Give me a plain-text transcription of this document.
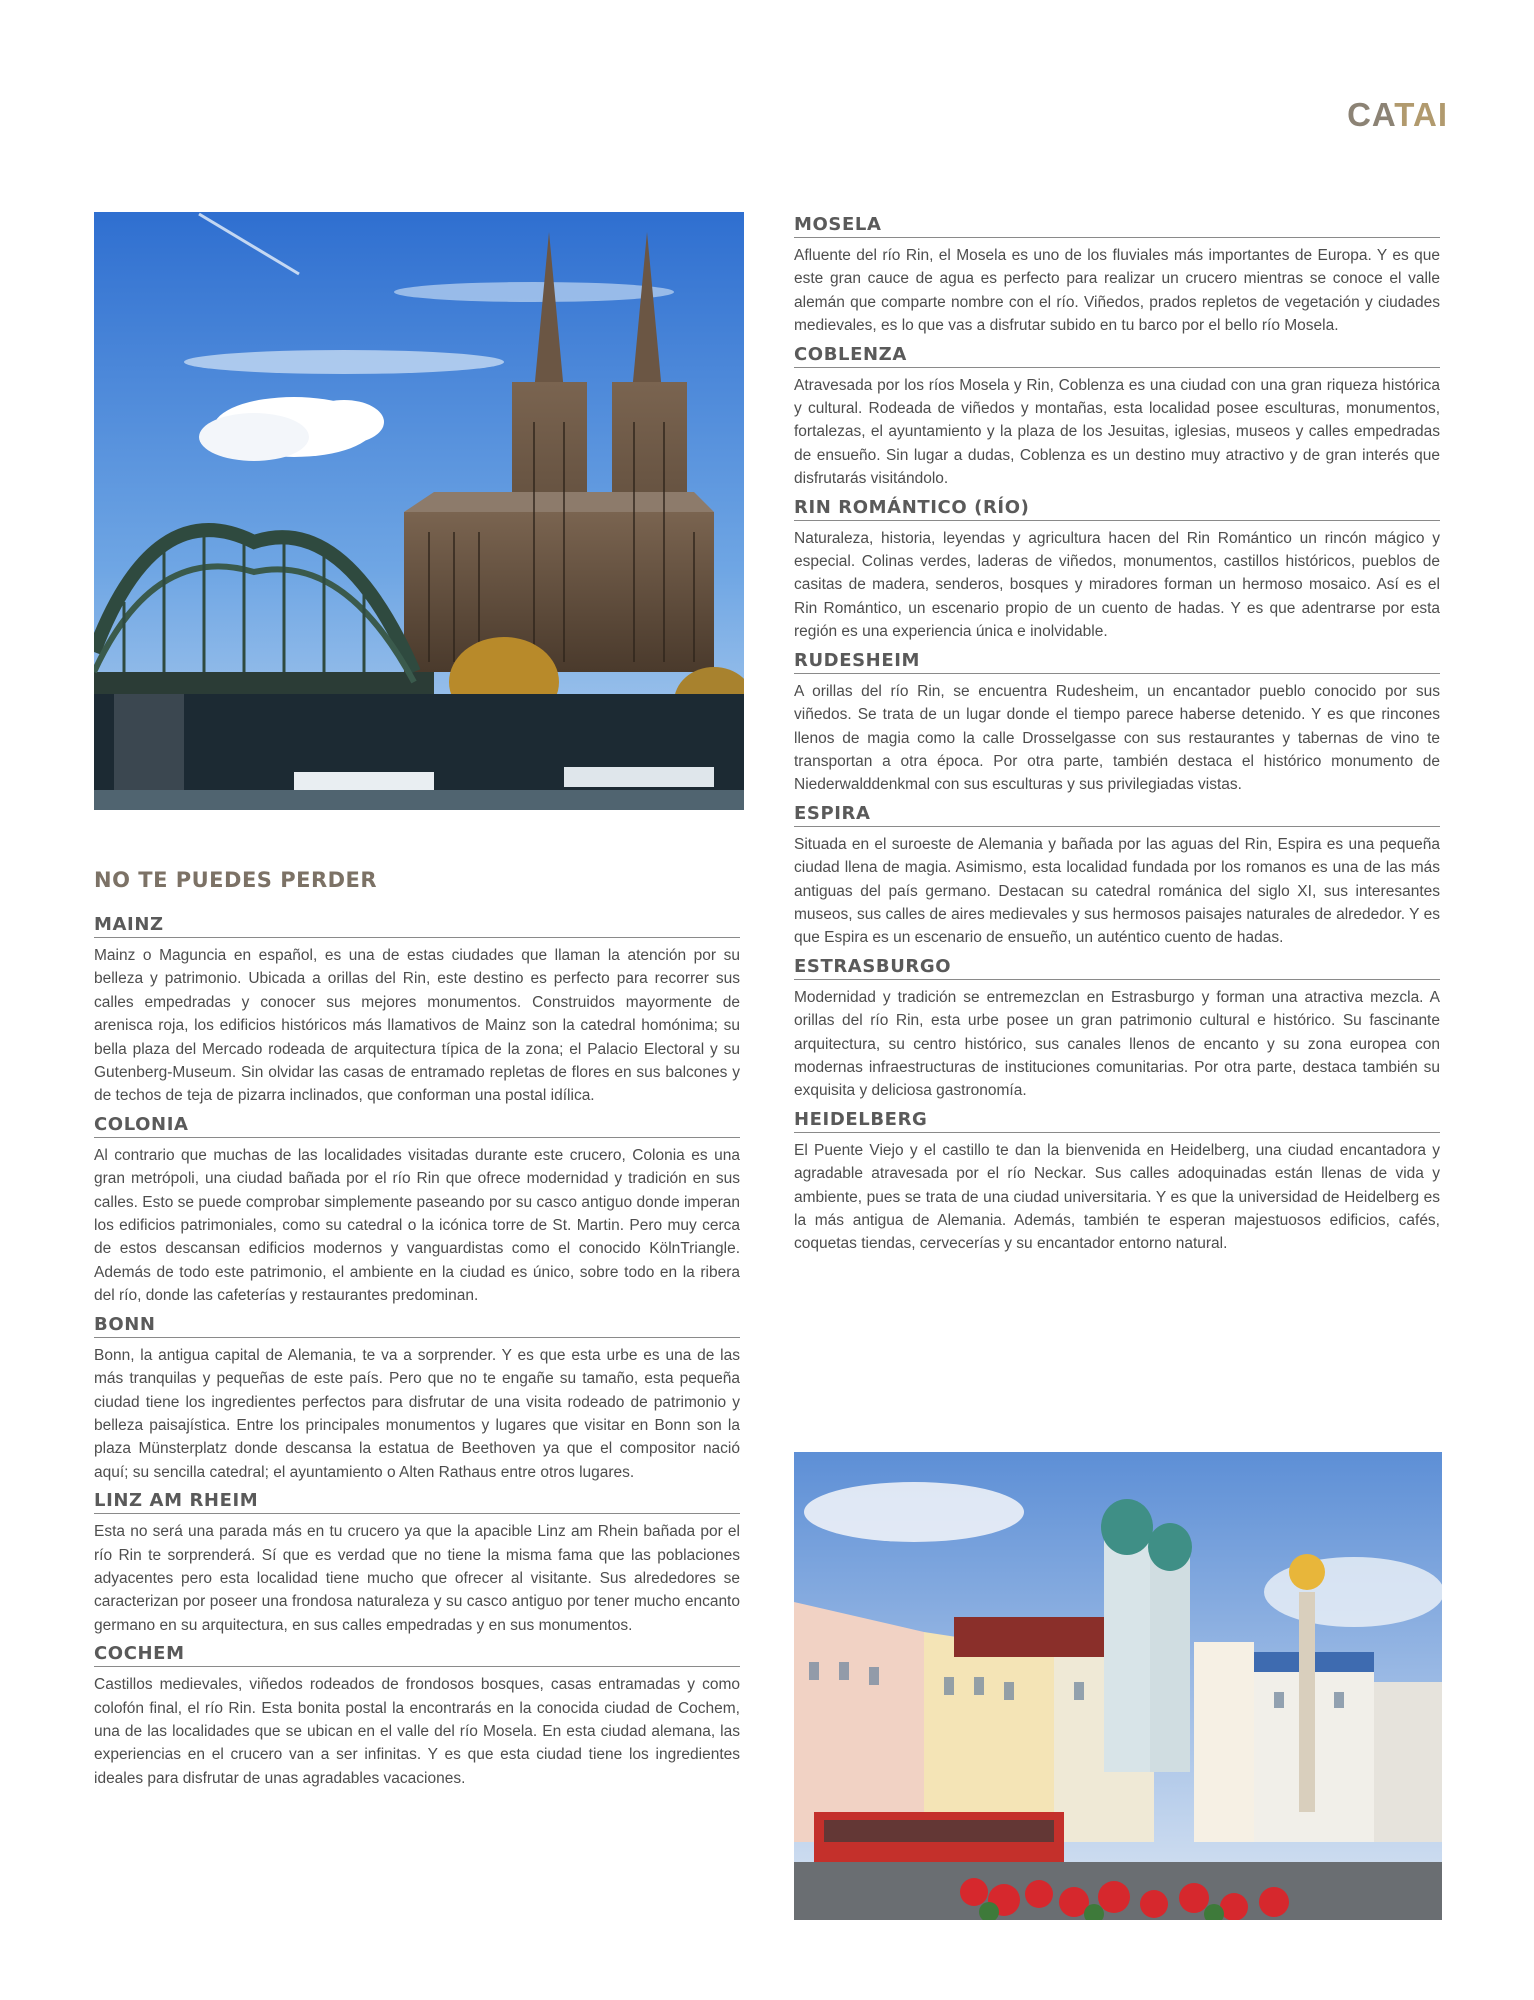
CATAI
NO TE PUEDES PERDER
MAINZ

Mainz o Maguncia en español, es una de estas ciudades que llaman la atención por su belleza y patrimonio. Ubicada a orillas del Rin, este destino es perfecto para recorrer sus calles empedradas y conocer sus mejores monumentos. Construidos mayormente de arenisca roja, los edificios históricos más llamativos de Mainz son la catedral homónima; su bella plaza del Mercado rodeada de arquitectura típica de la zona; el Palacio Electoral y su Gutenberg-Museum. Sin olvidar las casas de entramado repletas de flores en sus balcones y de techos de teja de pizarra inclinados, que conforman una postal idílica.

COLONIA

Al contrario que muchas de las localidades visitadas durante este crucero, Colonia es una gran metrópoli, una ciudad bañada por el río Rin que ofrece modernidad y tradición en sus calles. Esto se puede comprobar simplemente paseando por su casco antiguo donde imperan los edificios patrimoniales, como su catedral o la icónica torre de St. Martin. Pero muy cerca de estos descansan edificios modernos y vanguardistas como el conocido KölnTriangle. Además de todo este patrimonio, el ambiente en la ciudad es único, sobre todo en la ribera del río, donde las cafeterías y restaurantes predominan.

BONN

Bonn, la antigua capital de Alemania, te va a sorprender. Y es que esta urbe es una de las más tranquilas y pequeñas de este país. Pero que no te engañe su tamaño, esta pequeña ciudad tiene los ingredientes perfectos para disfrutar de una visita rodeado de patrimonio y belleza paisajística. Entre los principales monumentos y lugares que visitar en Bonn son la plaza Münsterplatz donde descansa la estatua de Beethoven ya que el compositor nació aquí; su sencilla catedral; el ayuntamiento o Alten Rathaus entre otros lugares.

LINZ AM RHEIM

Esta no será una parada más en tu crucero ya que la apacible Linz am Rhein bañada por el río Rin te sorprenderá. Sí que es verdad que no tiene la misma fama que las poblaciones adyacentes pero esta localidad tiene mucho que ofrecer al visitante. Sus alrededores se caracterizan por poseer una frondosa naturaleza y su casco antiguo por tener mucho encanto germano en su arquitectura, en sus calles empedradas y en sus monumentos.

COCHEM

Castillos medievales, viñedos rodeados de frondosos bosques, casas entramadas y como colofón final, el río Rin. Esta bonita postal la encontrarás en la conocida ciudad de Cochem, una de las localidades que se ubican en el valle del río Mosela. En esta ciudad alemana, las experiencias en el crucero van a ser infinitas. Y es que esta ciudad tiene los ingredientes ideales para disfrutar de unas agradables vacaciones.

MOSELA

Afluente del río Rin, el Mosela es uno de los fluviales más importantes de Europa. Y es que este gran cauce de agua es perfecto para realizar un crucero mientras se conoce el valle alemán que comparte nombre con el río. Viñedos, prados repletos de vegetación y ciudades medievales, es lo que vas a disfrutar subido en tu barco por el bello río Mosela.

COBLENZA

Atravesada por los ríos Mosela y Rin, Coblenza es una ciudad con una gran riqueza histórica y cultural. Rodeada de viñedos y montañas, esta localidad posee esculturas, monumentos, fortalezas, el ayuntamiento y la plaza de los Jesuitas, iglesias, museos y calles empedradas de ensueño. Sin lugar a dudas, Coblenza es un destino muy atractivo y de gran interés que disfrutarás visitándolo.

RIN ROMÁNTICO (RÍO)

Naturaleza, historia, leyendas y agricultura hacen del Rin Romántico un rincón mágico y especial. Colinas verdes, laderas de viñedos, monumentos, castillos históricos, pueblos de casitas de madera, senderos, bosques y miradores forman un hermoso mosaico. Así es el Rin Romántico, un escenario propio de un cuento de hadas. Y es que adentrarse por esta región es una experiencia única e inolvidable.

RUDESHEIM

A orillas del río Rin, se encuentra Rudesheim, un encantador pueblo conocido por sus viñedos. Se trata de un lugar donde el tiempo parece haberse detenido. Y es que rincones llenos de magia como la calle Drosselgasse con sus restaurantes y tabernas de vino te transportan a otra época. Por otra parte, también destaca el histórico monumento de Niederwalddenkmal con sus esculturas y sus privilegiadas vistas.

ESPIRA

Situada en el suroeste de Alemania y bañada por las aguas del Rin, Espira es una pequeña ciudad llena de magia. Asimismo, esta localidad fundada por los romanos es una de las más antiguas del país germano. Destacan su catedral románica del siglo XI, sus interesantes museos, sus calles de aires medievales y sus hermosos paisajes naturales de alrededor. Y es que Espira es un escenario de ensueño, un auténtico cuento de hadas.

ESTRASBURGO

Modernidad y tradición se entremezclan en Estrasburgo y forman una atractiva mezcla. A orillas del río Rin, esta urbe posee un gran patrimonio cultural e histórico. Su fascinante arquitectura, su centro histórico, sus canales llenos de encanto y su zona europea con modernas infraestructuras de instituciones comunitarias. Por otra parte, destaca también su exquisita y deliciosa gastronomía.

HEIDELBERG

El Puente Viejo y el castillo te dan la bienvenida en Heidelberg, una ciudad encantadora y agradable atravesada por el río Neckar. Sus calles adoquinadas están llenas de vida y ambiente, pues se trata de una ciudad universitaria. Y es que la universidad de Heidelberg es la más antigua de Alemania. Además, también te esperan majestuosos edificios, cafés, coquetas tiendas, cervecerías y su encantador entorno natural.
